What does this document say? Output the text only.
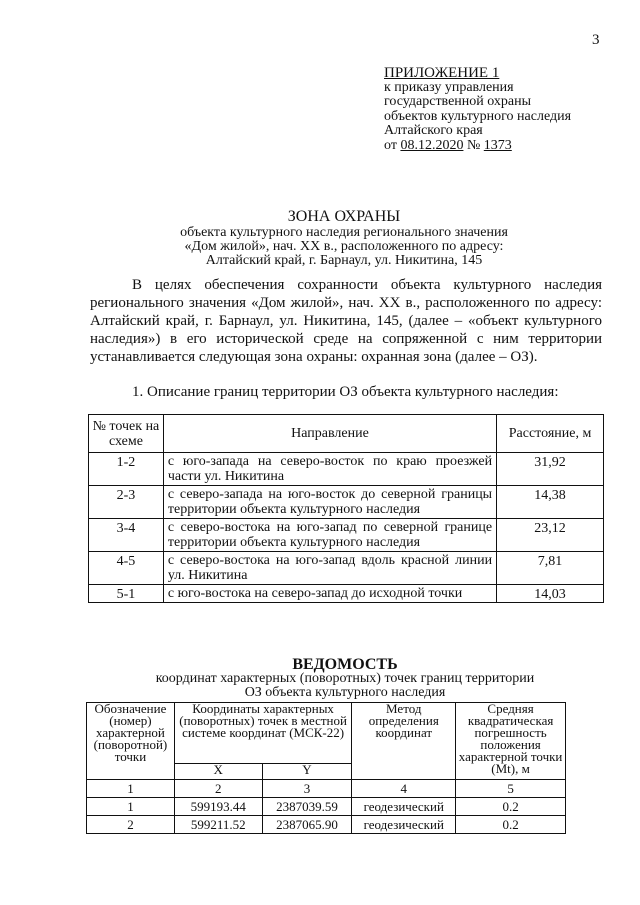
3
ПРИЛОЖЕНИЕ 1
к приказу управления
государственной охраны
объектов культурного наследия
Алтайского края
от 08.12.2020 № 1373
ЗОНА ОХРАНЫ
объекта культурного наследия регионального значения
«Дом жилой», нач. XX в., расположенного по адресу:
Алтайский край, г. Барнаул, ул. Никитина, 145

В целях обеспечения сохранности объекта культурного наследия регионального значения «Дом жилой», нач. XX в., расположенного по адресу: Алтайский край, г. Барнаул, ул. Никитина, 145, (далее – «объект культурного наследия») в его исторической среде на сопряженной с ним территории устанавливается следующая зона охраны: охранная зона (далее – ОЗ).

1. Описание границ территории ОЗ объекта культурного наследия:
№ точек на схеме	Направление	Расстояние, м
1-2	с юго-запада на северо-восток по краю проезжей части ул. Никитина	31,92
2-3	с северо-запада на юго-восток до северной границы территории объекта культурного наследия	14,38
3-4	с северо-востока на юго-запад по северной границе территории объекта культурного наследия	23,12
4-5	с северо-востока на юго-запад вдоль красной линии ул. Никитина	7,81
5-1	с юго-востока на северо-запад до исходной точки	14,03
ВЕДОМОСТЬ
координат характерных (поворотных) точек границ территории
ОЗ объекта культурного наследия
Обозначение (номер) характерной (поворотной) точки	Координаты характерных (поворотных) точек в местной системе координат (МСК-22)		Метод определения координат	Средняя квадратическая погрешность положения характерной точки (Mt), м
	X	Y		
1	2	3	4	5
1	599193.44	2387039.59	геодезический	0.2
2	599211.52	2387065.90	геодезический	0.2
